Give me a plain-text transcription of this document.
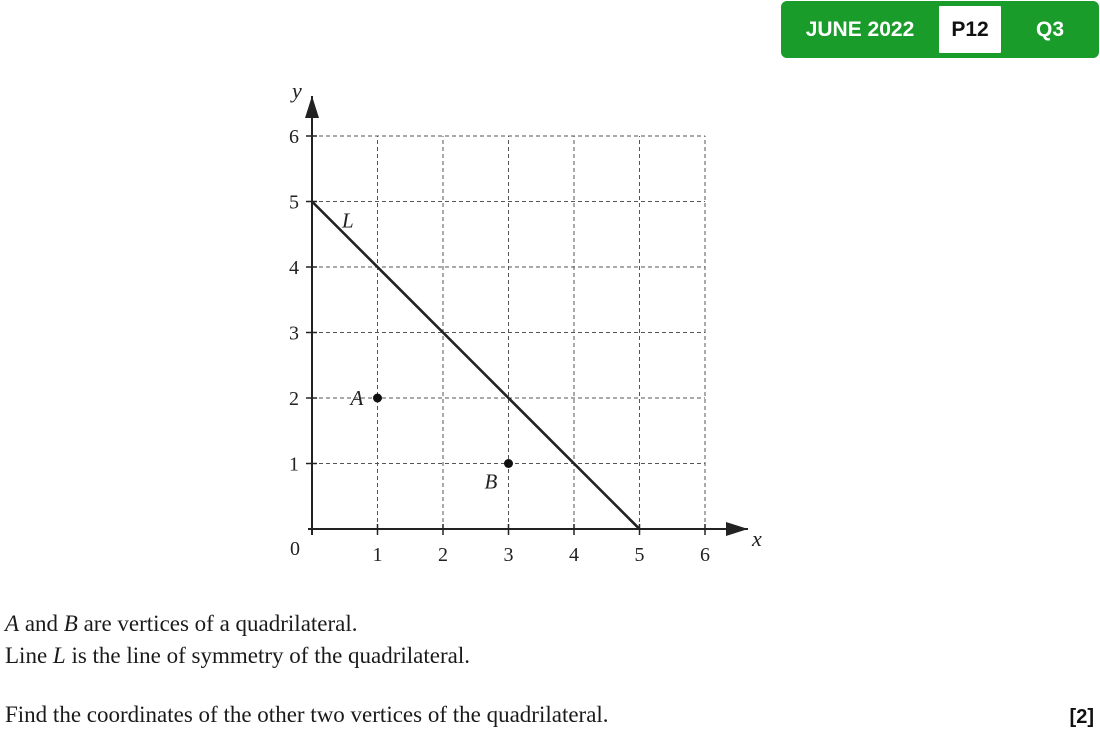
JUNE 2022	P12	Q3
x
y
0	1	2	3	4	5	6
1
2
3
4
5
6
L
A
B
A and B are vertices of a quadrilateral.
Line L is the line of symmetry of the quadrilateral.
Find the coordinates of the other two vertices of the quadrilateral.	[2]
